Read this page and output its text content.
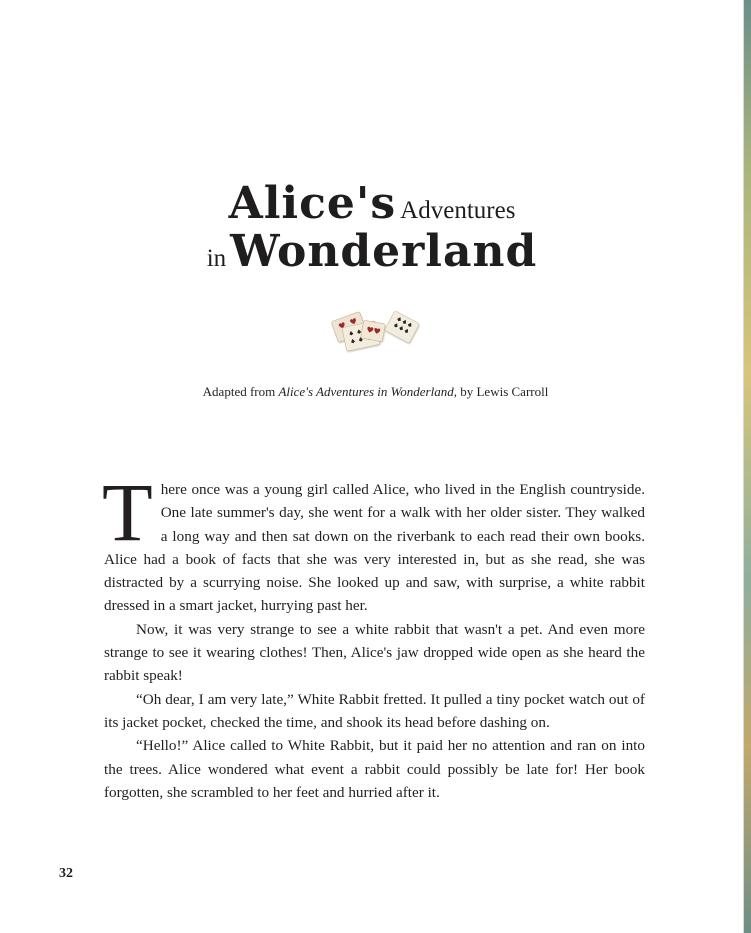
Alice's Adventures
in Wonderland
Adapted from Alice's Adventures in Wonderland, by Lewis Carroll

There once was a young girl called Alice, who lived in the English countryside. One late summer's day, she went for a walk with her older sister. They walked a long way and then sat down on the riverbank to each read their own books. Alice had a book of facts that she was very interested in, but as she read, she was distracted by a scurrying noise. She looked up and saw, with surprise, a white rabbit dressed in a smart jacket, hurrying past her.

Now, it was very strange to see a white rabbit that wasn't a pet. And even more strange to see it wearing clothes! Then, Alice's jaw dropped wide open as she heard the rabbit speak!

“Oh dear, I am very late,” White Rabbit fretted. It pulled a tiny pocket watch out of its jacket pocket, checked the time, and shook its head before dashing on.

“Hello!” Alice called to White Rabbit, but it paid her no attention and ran on into the trees. Alice wondered what event a rabbit could possibly be late for! Her book forgotten, she scrambled to her feet and hurried after it.

32
